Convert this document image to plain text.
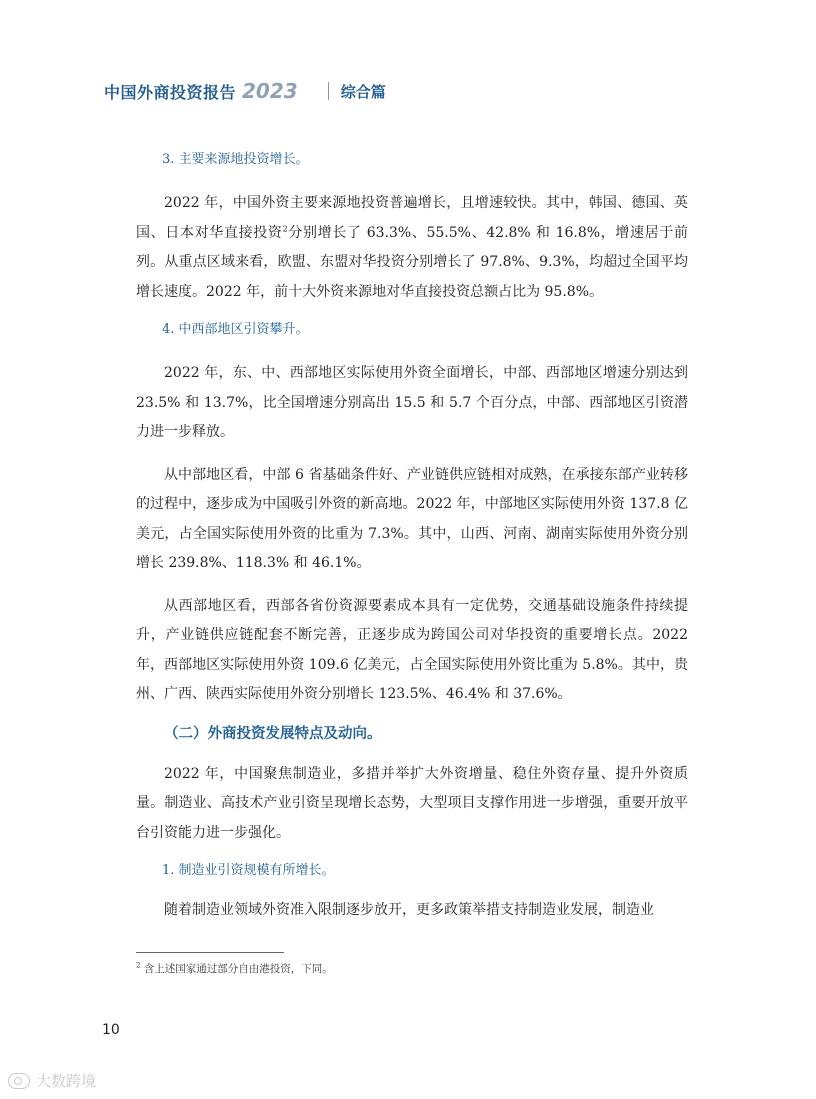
中国外商投资报告 2023	综合篇
3. 主要来源地投资增长。
2022 年，中国外资主要来源地投资普遍增长，且增速较快。其中，韩国、德国、英国、日本对华直接投资$^2$分别增长了 63.3%、55.5%、42.8% 和 16.8%，增速居于前列。从重点区域来看，欧盟、东盟对华投资分别增长了 97.8%、9.3%，均超过全国平均增长速度。2022 年，前十大外资来源地对华直接投资总额占比为 95.8%。
4. 中西部地区引资攀升。
2022 年，东、中、西部地区实际使用外资全面增长，中部、西部地区增速分别达到 23.5% 和 13.7%，比全国增速分别高出 15.5 和 5.7 个百分点，中部、西部地区引资潜力进一步释放。
从中部地区看，中部 6 省基础条件好、产业链供应链相对成熟，在承接东部产业转移的过程中，逐步成为中国吸引外资的新高地。2022 年，中部地区实际使用外资 137.8 亿美元，占全国实际使用外资的比重为 7.3%。其中，山西、河南、湖南实际使用外资分别增长 239.8%、118.3% 和 46.1%。
从西部地区看，西部各省份资源要素成本具有一定优势，交通基础设施条件持续提升，产业链供应链配套不断完善，正逐步成为跨国公司对华投资的重要增长点。2022 年，西部地区实际使用外资 109.6 亿美元，占全国实际使用外资比重为 5.8%。其中，贵州、广西、陕西实际使用外资分别增长 123.5%、46.4% 和 37.6%。
（二）外商投资发展特点及动向。
2022 年，中国聚焦制造业，多措并举扩大外资增量、稳住外资存量、提升外资质量。制造业、高技术产业引资呈现增长态势，大型项目支撑作用进一步增强，重要开放平台引资能力进一步强化。
1. 制造业引资规模有所增长。
随着制造业领域外资准入限制逐步放开，更多政策举措支持制造业发展，制造业
$^2$ 含上述国家通过部分自由港投资，下同。
10
大数跨境
